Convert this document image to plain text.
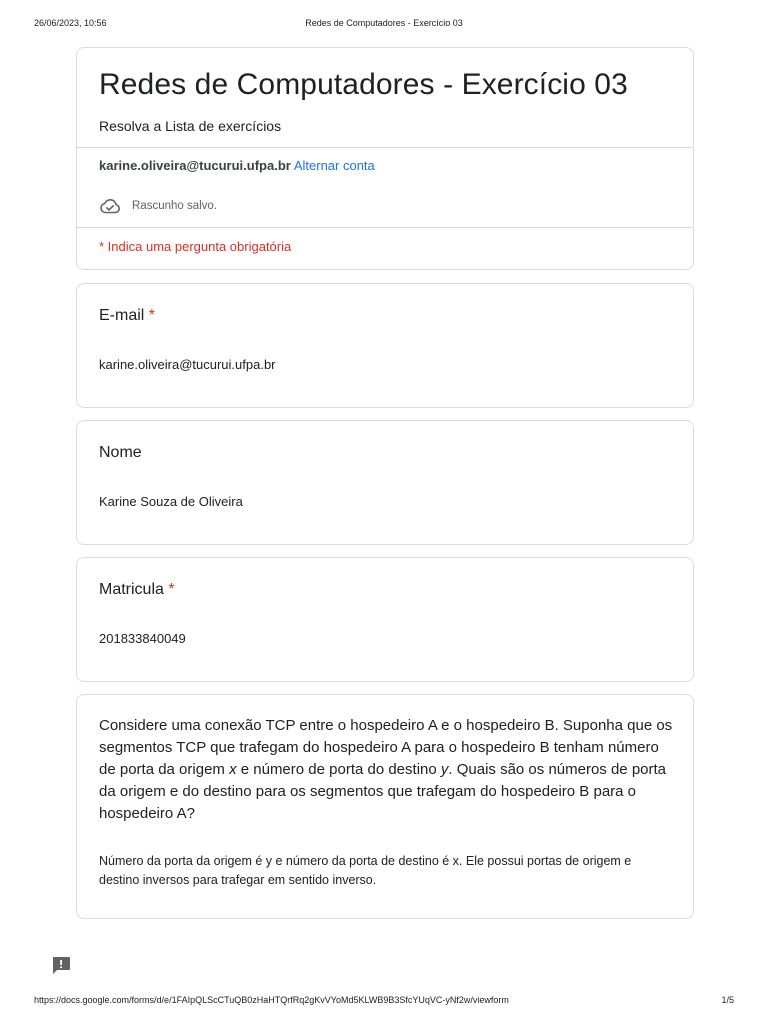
26/06/2023, 10:56	Redes de Computadores - Exercício 03
Redes de Computadores - Exercício 03
Resolva a Lista de exercícios
karine.oliveira@tucurui.ufpa.br Alternar conta
Rascunho salvo.
* Indica uma pergunta obrigatória
E-mail *
karine.oliveira@tucurui.ufpa.br
Nome
Karine Souza de Oliveira
Matricula *
201833840049

Considere uma conexão TCP entre o hospedeiro A e o hospedeiro B. Suponha que os segmentos TCP que trafegam do hospedeiro A para o hospedeiro B tenham número de porta da origem x e número de porta do destino y. Quais são os números de porta da origem e do destino para os segmentos que trafegam do hospedeiro B para o hospedeiro A?

Número da porta da origem é y e número da porta de destino é x. Ele possui portas de origem e destino inversos para trafegar em sentido inverso.

https://docs.google.com/forms/d/e/1FAIpQLScCTuQB0zHaHTQrfRq2gKvVYoMd5KLWB9B3SfcYUqVC-yNf2w/viewform	1/5
